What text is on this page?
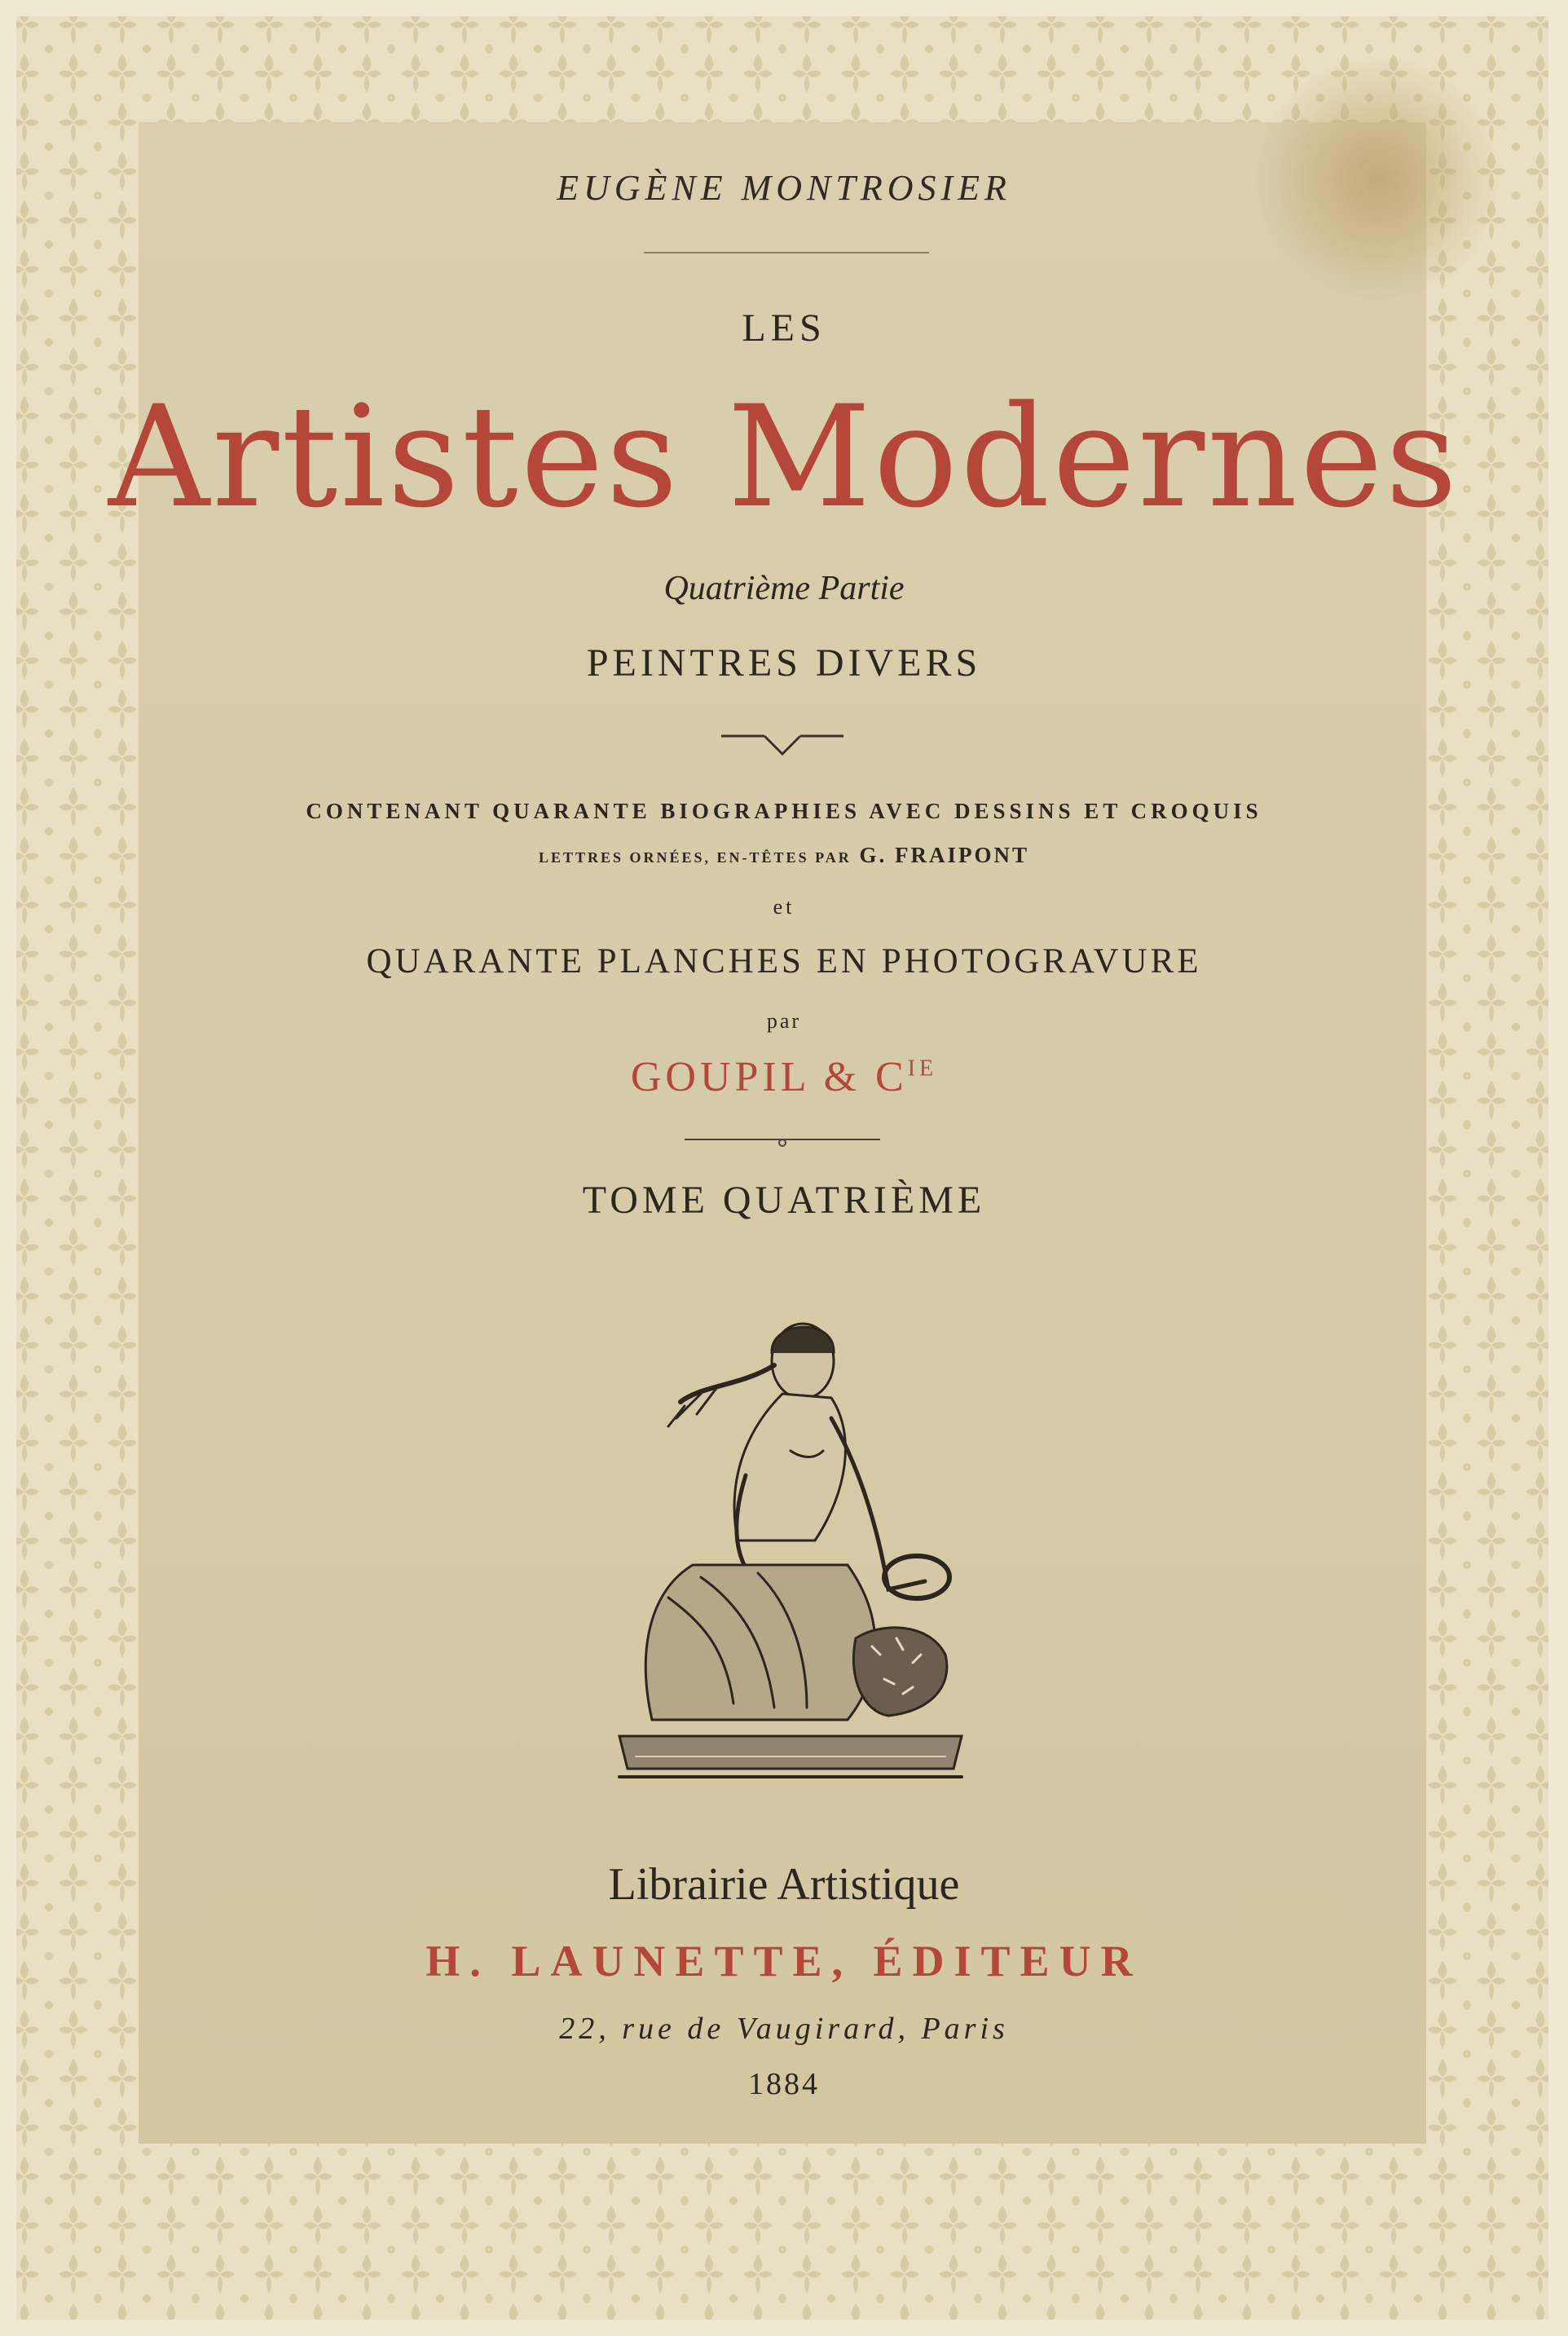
EUGÈNE MONTROSIER
LES
Artistes Modernes
Quatrième Partie
PEINTRES DIVERS
CONTENANT QUARANTE BIOGRAPHIES AVEC DESSINS ET CROQUIS
LETTRES ORNÉES, EN-TÊTES PAR G. FRAIPONT
et
QUARANTE PLANCHES EN PHOTOGRAVURE
par
GOUPIL & $C^{IE}$
TOME QUATRIÈME
Librairie Artistique
H. LAUNETTE, ÉDITEUR
22, rue de Vaugirard, Paris
1884
